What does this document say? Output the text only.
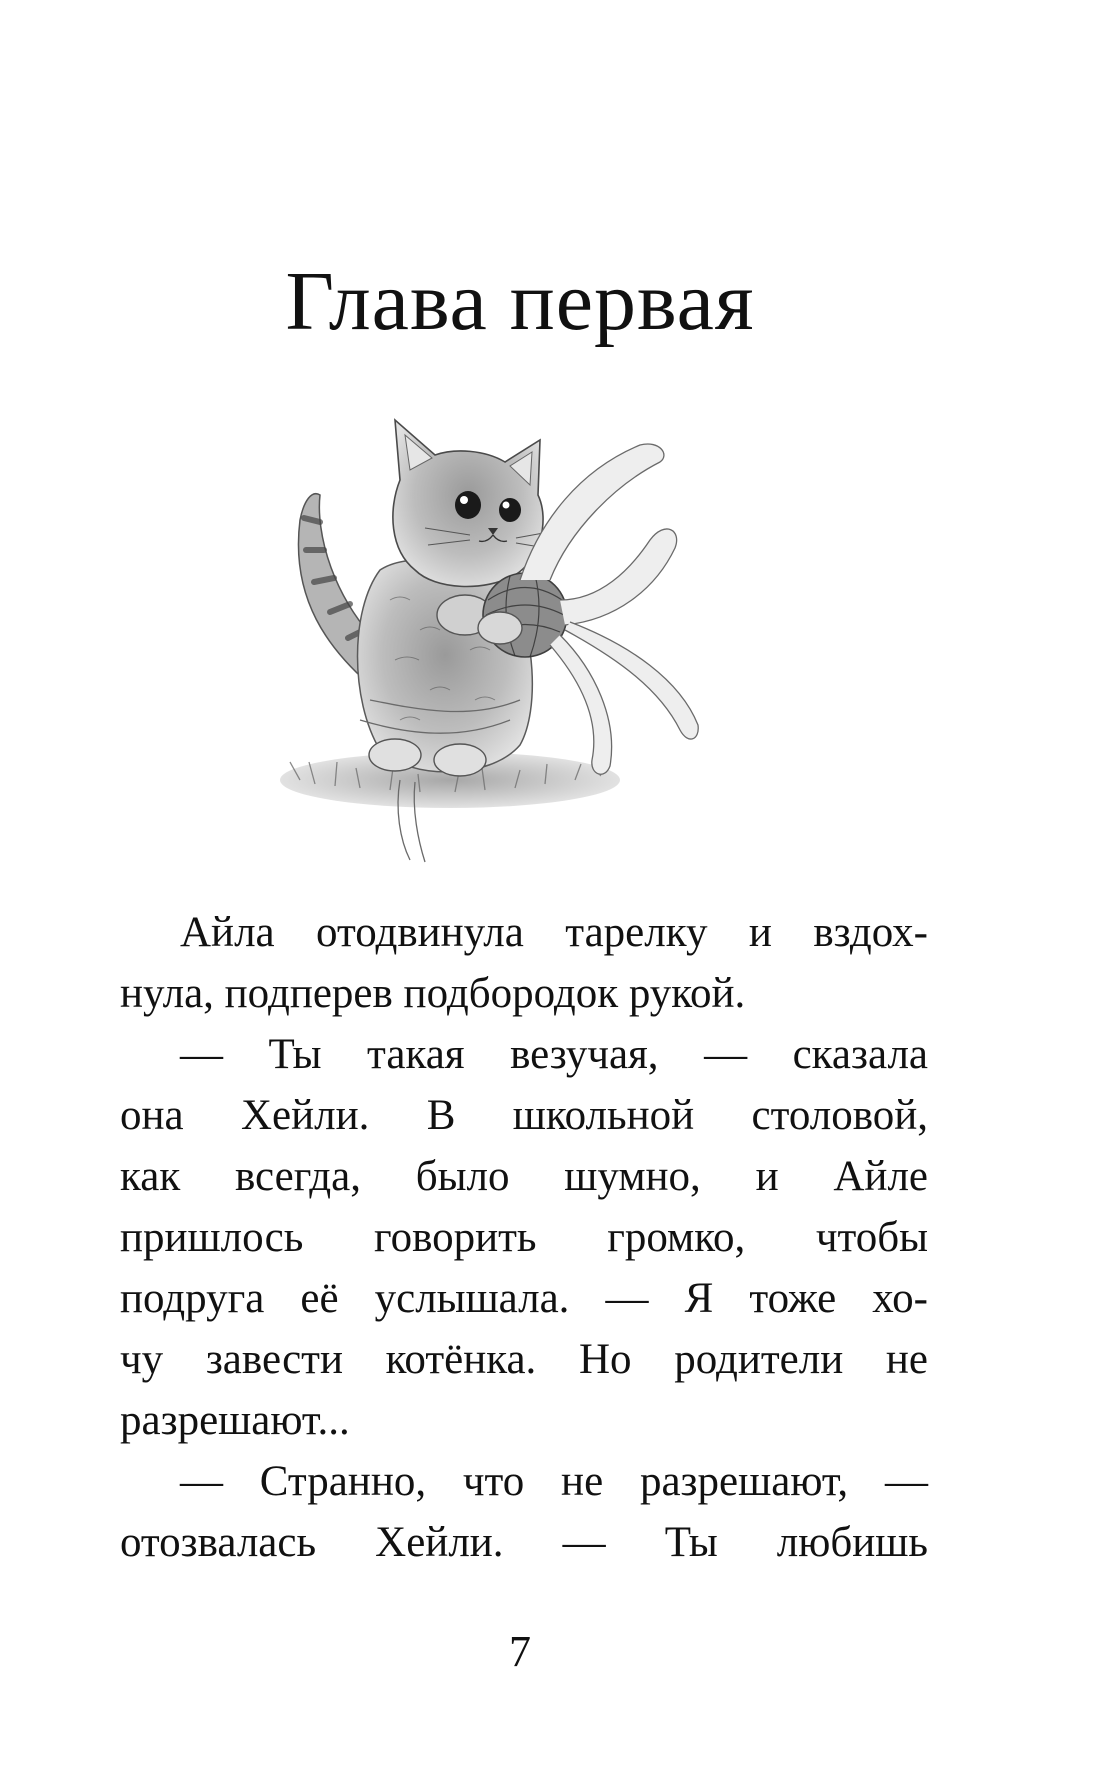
Глава первая
Айла отодвинула тарелку и вздох-
нула, подперев подбородок рукой.
— Ты такая везучая, — сказала
она Хейли. В школьной столовой,
как всегда, было шумно, и Айле
пришлось говорить громко, чтобы
подруга её услышала. — Я тоже хо-
чу завести котёнка. Но родители не
разрешают...
— Странно, что не разрешают, —
отозвалась Хейли. — Ты любишь
7
